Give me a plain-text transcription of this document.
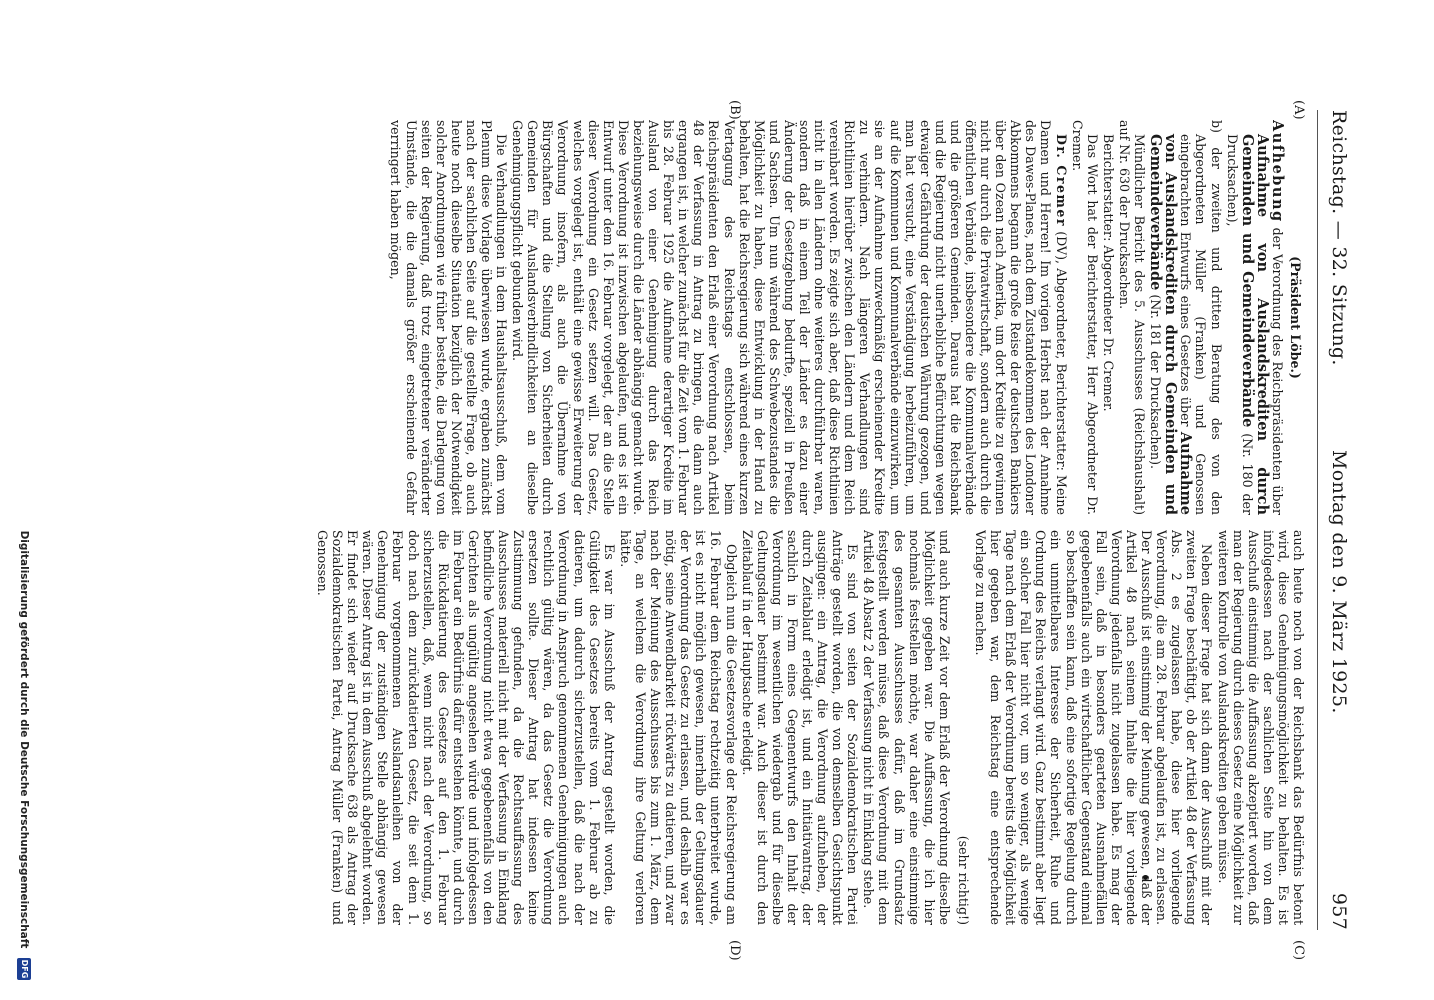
Reichstag. — 32. Sitzung.
Montag den 9. März 1925.
957
(A)
(B)
(C)
(D)

(Präsident Löbe.)

Aufhebung der Verordnung des Reichspräsidenten über Aufnahme von Auslandskrediten durch Gemeinden und Gemeindeverbände (Nr. 180 der Drucksachen),

b) der zweiten und dritten Beratung des von den Abgeordneten Müller (Franken) und Genossen eingebrachten Entwurfs eines Gesetzes über Aufnahme von Auslandskrediten durch Gemeinden und Gemeindeverbände (Nr. 181 der Drucksachen).

Mündlicher Bericht des 5. Ausschusses (Reichshaushalt) auf Nr. 630 der Drucksachen.

Berichterstatter: Abgeordneter Dr. Cremer.

Das Wort hat der Berichterstatter, Herr Abgeordneter Dr. Cremer.

Dr. Cremer (DV), Abgeordneter, Berichterstatter: Meine Damen und Herren! Im vorigen Herbst nach der Annahme des Dawes-Planes, nach dem Zustandekommen des Londoner Abkommens begann die große Reise der deutschen Bankiers über den Ozean nach Amerika, um dort Kredite zu gewinnen nicht nur durch die Privatwirtschaft, sondern auch durch die öffentlichen Verbände, insbesondere die Kommunalverbände und die größeren Gemeinden. Daraus hat die Reichsbank und die Regierung nicht unerhebliche Befürchtungen wegen etwaiger Gefährdung der deutschen Währung gezogen, und man hat versucht, eine Verständigung herbeizuführen, um auf die Kommunen und Kommunalverbände einzuwirken, um sie an der Aufnahme unzweckmäßig erscheinender Kredite zu verhindern. Nach längeren Verhandlungen sind Richtlinien hierüber zwischen den Ländern und dem Reich vereinbart worden. Es zeigte sich aber, daß diese Richtlinien nicht in allen Ländern ohne weiteres durchführbar waren, sondern daß in einem Teil der Länder es dazu einer Änderung der Gesetzgebung bedurfte, speziell in Preußen und Sachsen. Um nun während des Schwebezustandes die Möglichkeit zu haben, diese Entwicklung in der Hand zu behalten, hat die Reichsregierung sich während eines kurzen Vertagung des Reichstags entschlossen, beim Reichspräsidenten den Erlaß einer Verordnung nach Artikel 48 der Verfassung in Antrag zu bringen, die dann auch ergangen ist, in welcher zunächst für die Zeit vom 1. Februar bis 28. Februar 1925 die Aufnahme derartiger Kredite im Ausland von einer Genehmigung durch das Reich beziehungsweise durch die Länder abhängig gemacht wurde. Diese Verordnung ist inzwischen abgelaufen, und es ist ein Entwurf unter dem 16. Februar vorgelegt, der an die Stelle dieser Verordnung ein Gesetz setzen will. Das Gesetz, welches vorgelegt ist, enthält eine gewisse Erweiterung der Verordnung insofern, als auch die Übernahme von Bürgschaften und die Stellung von Sicherheiten durch Gemeinden für Auslandsverbindlichkeiten an dieselbe Genehmigungspflicht gebunden wird.

Die Verhandlungen in dem Haushaltsausschuß, dem vom Plenum diese Vorlage überwiesen wurde, ergaben zunächst nach der sachlichen Seite auf die gestellte Frage, ob auch heute noch dieselbe Situation bezüglich der Notwendigkeit solcher Anordnungen wie früher bestehe, die Darlegung von seiten der Regierung, daß trotz eingetretener veränderter Umstände, die die damals größer erscheinende Gefahr verringert haben mögen,

auch heute noch von der Reichsbank das Bedürfnis betont wird, diese Genehmigungsmöglichkeit zu behalten. Es ist infolgedessen nach der sachlichen Seite hin von dem Ausschuß einstimmig die Auffassung akzeptiert worden, daß man der Regierung durch dieses Gesetz eine Möglichkeit zur weiteren Kontrolle von Auslandskrediten geben müsse.

Neben dieser Frage hat sich dann der Ausschuß mit der zweiten Frage beschäftigt, ob der Artikel 48 der Verfassung Abs. 2 es zugelassen habe, diese hier vorliegende Verordnung, die am 28. Februar abgelaufen ist, zu erlassen. Der Ausschuß ist einstimmig der Meinung gewesen, daß der Artikel 48 nach seinem Inhalte die hier vorliegende Verordnung jedenfalls nicht zugelassen habe. Es mag der Fall sein, daß in besonders gearteten Ausnahmefällen gegebenenfalls auch ein wirtschaftlicher Gegenstand einmal so beschaffen sein kann, daß eine sofortige Regelung durch ein unmittelbares Interesse der Sicherheit, Ruhe und Ordnung des Reichs verlangt wird. Ganz bestimmt aber liegt ein solcher Fall hier nicht vor, um so weniger, als wenige Tage nach dem Erlaß der Verordnung bereits die Möglichkeit hier gegeben war, dem Reichstag eine entsprechende Vorlage zu machen.

(sehr richtig!)

und auch kurze Zeit vor dem Erlaß der Verordnung dieselbe Möglichkeit gegeben war. Die Auffassung, die ich hier nochmals feststellen möchte, war daher eine einstimmige des gesamten Ausschusses dafür, daß im Grundsatz festgestellt werden müsse, daß diese Verordnung mit dem Artikel 48 Absatz 2 der Verfassung nicht in Einklang stehe.

Es sind von seiten der Sozialdemokratischen Partei Anträge gestellt worden, die von demselben Gesichtspunkt ausgingen: ein Antrag, die Verordnung aufzuheben, der durch Zeitablauf erledigt ist, und ein Initiativantrag, der sachlich in Form eines Gegenentwurfs den Inhalt der Verordnung im wesentlichen wiedergab und für dieselbe Geltungsdauer bestimmt war. Auch dieser ist durch den Zeitablauf in der Hauptsache erledigt.

Obgleich nun die Gesetzesvorlage der Reichsregierung am 16. Februar dem Reichstag rechtzeitig unterbreitet wurde, ist es nicht möglich gewesen, innerhalb der Geltungsdauer der Verordnung das Gesetz zu erlassen, und deshalb war es nötig, seine Anwendbarkeit rückwärts zu datieren, und zwar nach der Meinung des Ausschusses bis zum 1. März, dem Tage, an welchem die Verordnung ihre Geltung verloren hätte.

Es war im Ausschuß der Antrag gestellt worden, die Gültigkeit des Gesetzes bereits vom 1. Februar ab zu datieren, um dadurch sicherzustellen, daß die nach der Verordnung in Anspruch genommenen Genehmigungen auch rechtlich gültig wären, da das Gesetz die Verordnung ersetzen sollte. Dieser Antrag hat indessen keine Zustimmung gefunden, da die Rechtsauffassung des Ausschusses materiell nicht mit der Verfassung in Einklang befindliche Verordnung nicht etwa gegebenenfalls von den Gerichten als ungültig angesehen würde und infolgedessen im Februar ein Bedürfnis dafür entstehen könnte, und durch die Rückdatierung des Gesetzes auf den 1. Februar sicherzustellen, daß, wenn nicht nach der Verordnung, so doch nach dem zurückdatierten Gesetz, die seit dem 1. Februar vorgenommenen Auslandsanleihen von der Genehmigung der zuständigen Stelle abhängig gewesen wären. Dieser Antrag ist in dem Ausschuß abgelehnt worden. Er findet sich wieder auf Drucksache 638 als Antrag der Sozialdemokratischen Partei, Antrag Müller (Franken) und Genossen.

Digitalisierung gefördert durch die Deutsche Forschungsgemeinschaft DFG
